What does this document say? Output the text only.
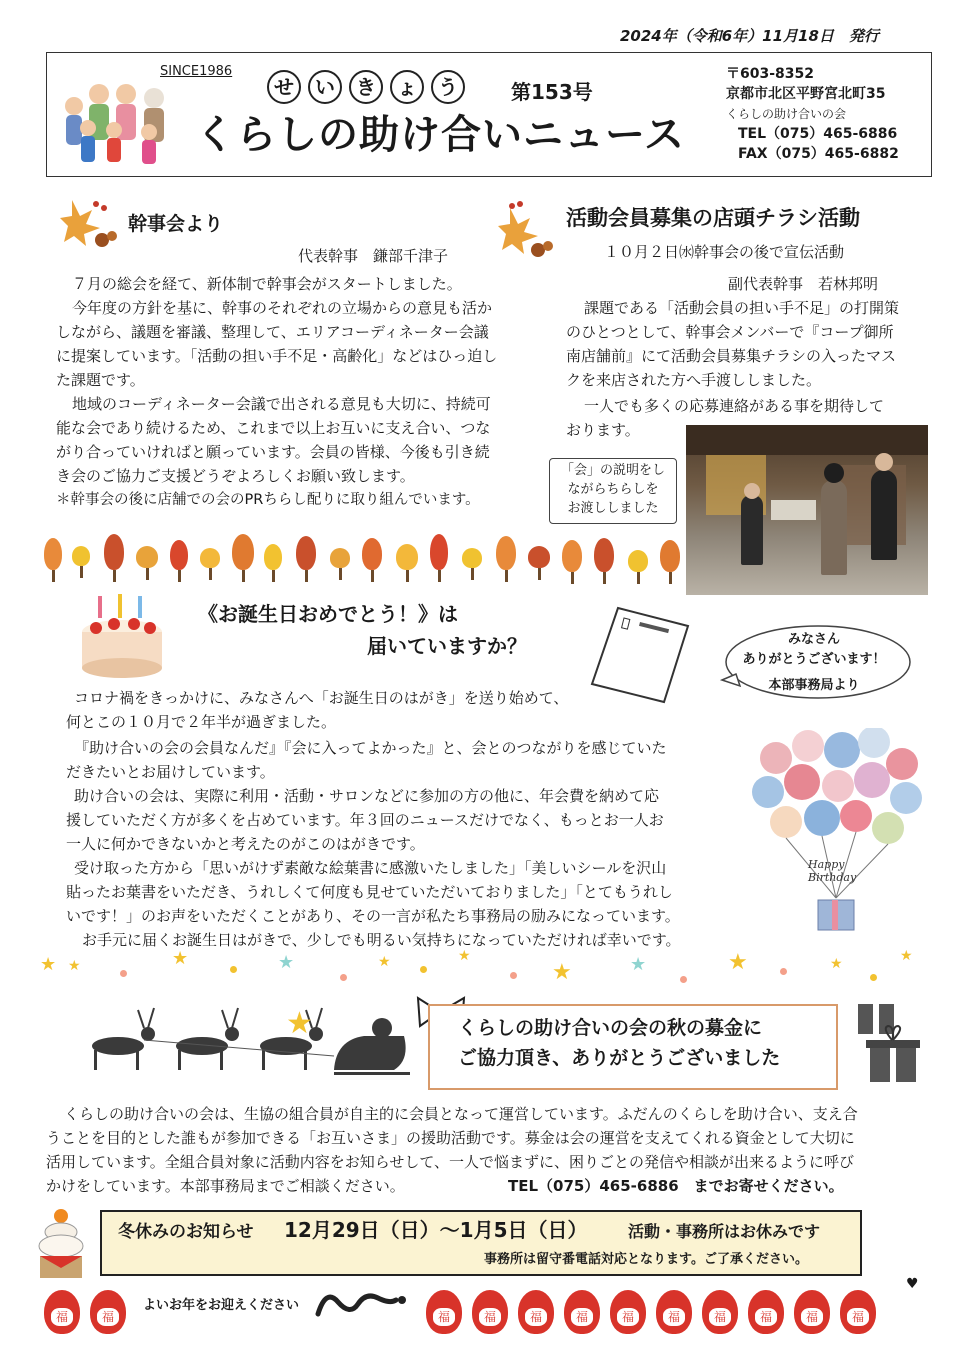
2024年（令和6年）11月18日　発行
SINCE1986
せ	い	き	ょ	う	第153号
くらしの助け合いニュース
〒603-8352
京都市北区平野宮北町35
くらしの助け合いの会
TEL（075）465‐6886
FAX（075）465‐6882
幹事会より
代表幹事　鎌部千津子
７月の総会を経て、新体制で幹事会がスタートしました。
今年度の方針を基に、幹事のそれぞれの立場からの意見も活か
しながら、議題を審議、整理して、エリアコーディネーター会議
に提案しています。「活動の担い手不足・高齢化」などはひっ迫し
た課題です。
地域のコーディネーター会議で出される意見も大切に、持続可
能な会であり続けるため、これまで以上お互いに支え合い、つな
がり合っていければと願っています。会員の皆様、今後も引き続
き会のご協力ご支援どうぞよろしくお願い致します。
＊幹事会の後に店舗での会のPRちらし配りに取り組んでいます。
活動会員募集の店頭チラシ活動
１０月２日㈬幹事会の後で宣伝活動
副代表幹事　若林邦明
課題である「活動会員の担い手不足」の打開策
のひとつとして、幹事会メンバーで『コープ御所
南店舗前』にて活動会員募集チラシの入ったマス
クを来店された方へ手渡ししました。
一人でも多くの応募連絡がある事を期待して
おります。
「会」の説明をし
ながらちらしを
お渡ししました
《お誕生日おめでとう！》は
届いていますか？	みなさん
ありがとうございます！
本部事務局より
Happy Birthday
コロナ禍をきっかけに、みなさんへ「お誕生日のはがき」を送り始めて、
何とこの１０月で２年半が過ぎました。
『助け合いの会の会員なんだ』『会に入ってよかった』と、会とのつながりを感じていた
だきたいとお届けしています。
助け合いの会は、実際に利用・活動・サロンなどに参加の方の他に、年会費を納めて応
援していただく方が多くを占めています。年３回のニュースだけでなく、もっとお一人お
一人に何かできないかと考えたのがこのはがきです。
受け取った方から「思いがけず素敵な絵葉書に感激いたしました」「美しいシールを沢山
貼ったお葉書をいただき、うれしくて何度も見せていただいておりました」「とてもうれし
いです！」のお声をいただくことがあり、その一言が私たち事務局の励みになっています。
お手元に届くお誕生日はがきで、少しでも明るい気持ちになっていただければ幸いです。
★ ★	★	★	★	★
★	★	★	★	★
★	くらしの助け合いの会の秋の募金に
ご協力頂き、ありがとうございました
くらしの助け合いの会は、生協の組合員が自主的に会員となって運営しています。ふだんのくらしを助け合い、支え合
うことを目的とした誰もが参加できる「お互いさま」の援助活動です。募金は会の運営を支えてくれる資金として大切に
活用しています。全組合員対象に活動内容をお知らせして、一人で悩まずに、困りごとの発信や相談が出来るように呼び
かけをしています。本部事務局までご相談ください。	TEL（075）465‐6886　までお寄せください。
冬休みのお知らせ 12月29日（日）～1月5日（日）	活動・事務所はお休みです
事務所は留守番電話対応となります。ご了承ください。
福
福
よいお年をお迎えください
福
福
福
福
福
福
福
福
福
福
♥
